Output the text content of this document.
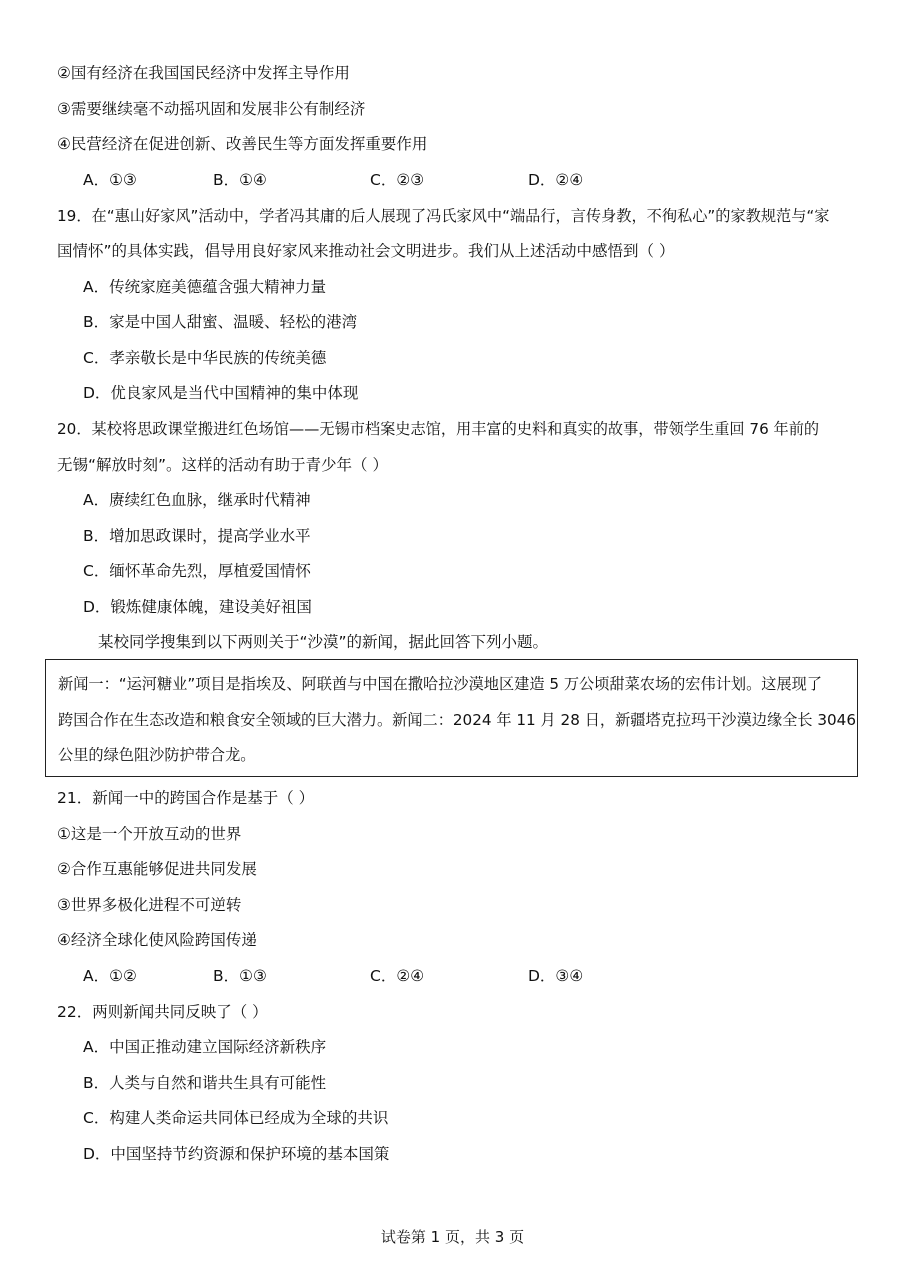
②国有经济在我国国民经济中发挥主导作用
③需要继续毫不动摇巩固和发展非公有制经济
④民营经济在促进创新、改善民生等方面发挥重要作用
A．①③	B．①④	C．②③	D．②④
19．在“惠山好家风”活动中，学者冯其庸的后人展现了冯氏家风中“端品行，言传身教，不徇私心”的家教规范与“家
国情怀”的具体实践，倡导用良好家风来推动社会文明进步。我们从上述活动中感悟到（ ）
A．传统家庭美德蕴含强大精神力量
B．家是中国人甜蜜、温暖、轻松的港湾
C．孝亲敬长是中华民族的传统美德
D．优良家风是当代中国精神的集中体现
20．某校将思政课堂搬进红色场馆——无锡市档案史志馆，用丰富的史料和真实的故事，带领学生重回 76 年前的
无锡“解放时刻”。这样的活动有助于青少年（ ）
A．赓续红色血脉，继承时代精神
B．增加思政课时，提高学业水平
C．缅怀革命先烈，厚植爱国情怀
D．锻炼健康体魄，建设美好祖国
某校同学搜集到以下两则关于“沙漠”的新闻，据此回答下列小题。
新闻一：“运河糖业”项目是指埃及、阿联酋与中国在撒哈拉沙漠地区建造 5 万公顷甜菜农场的宏伟计划。这展现了
跨国合作在生态改造和粮食安全领域的巨大潜力。新闻二：2024 年 11 月 28 日，新疆塔克拉玛干沙漠边缘全长 3046
公里的绿色阻沙防护带合龙。
21．新闻一中的跨国合作是基于（ ）
①这是一个开放互动的世界
②合作互惠能够促进共同发展
③世界多极化进程不可逆转
④经济全球化使风险跨国传递
A．①②	B．①③	C．②④	D．③④
22．两则新闻共同反映了（ ）
A．中国正推动建立国际经济新秩序
B．人类与自然和谐共生具有可能性
C．构建人类命运共同体已经成为全球的共识
D．中国坚持节约资源和保护环境的基本国策
试卷第 1 页，共 3 页
